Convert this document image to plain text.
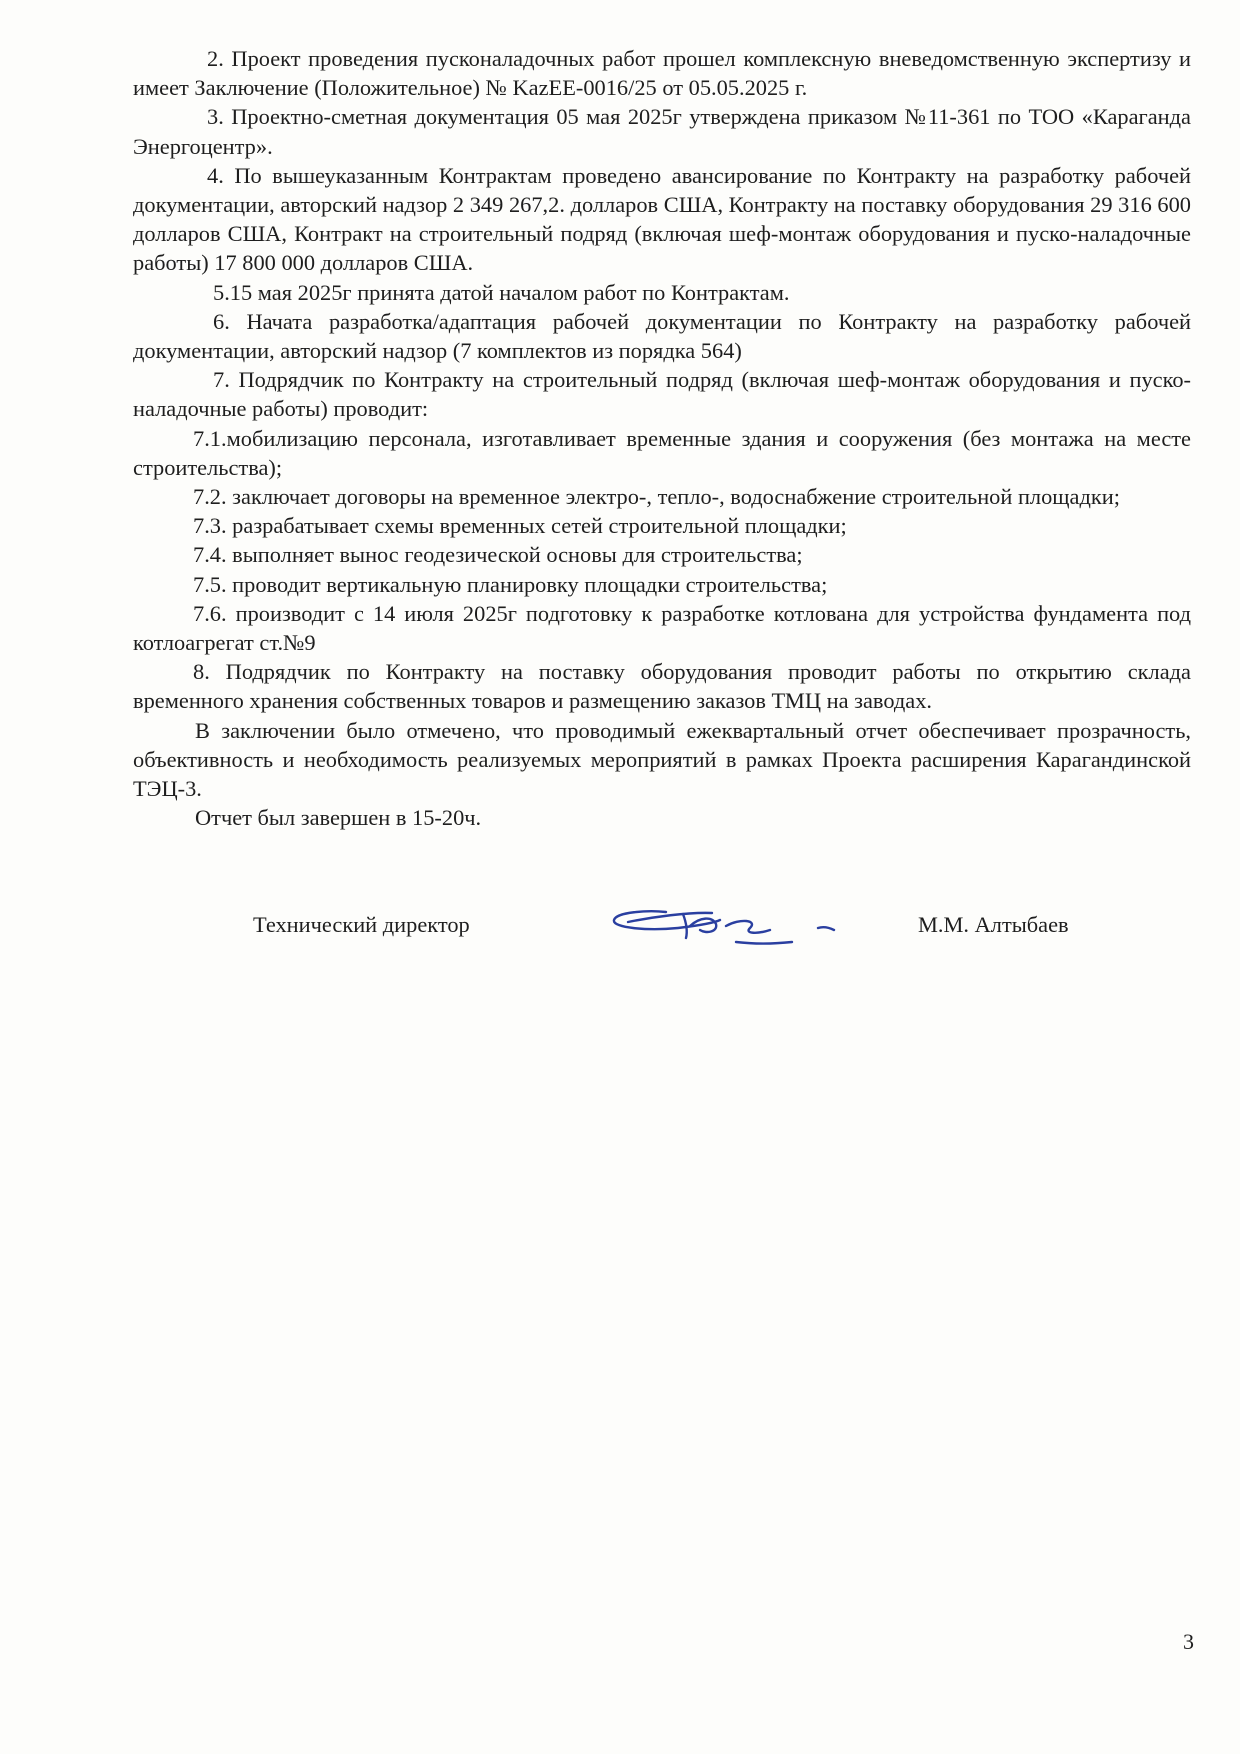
2. Проект проведения пусконаладочных работ прошел комплексную вневедомственную экспертизу и имеет Заключение (Положительное) № KazEE-0016/25 от 05.05.2025 г.

3. Проектно-сметная документация 05 мая 2025г утверждена приказом №11-361 по ТОО «Караганда Энергоцентр».

4. По вышеуказанным Контрактам проведено авансирование по Контракту на разработку рабочей документации, авторский надзор 2 349 267,2. долларов США, Контракту на поставку оборудования 29 316 600 долларов США, Контракт на строительный подряд (включая шеф-монтаж оборудования и пуско-наладочные работы) 17 800 000 долларов США.

5.15 мая 2025г принята датой началом работ по Контрактам.

6. Начата разработка/адаптация рабочей документации по Контракту на разработку рабочей документации, авторский надзор (7 комплектов из порядка 564)

7. Подрядчик по Контракту на строительный подряд (включая шеф-монтаж оборудования и пуско-наладочные работы) проводит:

7.1.мобилизацию персонала, изготавливает временные здания и сооружения (без монтажа на месте строительства);

7.2. заключает договоры на временное электро-, тепло-, водоснабжение строительной площадки;

7.3. разрабатывает схемы временных сетей строительной площадки;

7.4. выполняет вынос геодезической основы для строительства;

7.5. проводит вертикальную планировку площадки строительства;

7.6. производит с 14 июля 2025г подготовку к разработке котлована для устройства фундамента под котлоагрегат ст.№9

8. Подрядчик по Контракту на поставку оборудования проводит работы по открытию склада временного хранения собственных товаров и размещению заказов ТМЦ на заводах.

В заключении было отмечено, что проводимый ежеквартальный отчет обеспечивает прозрачность, объективность и необходимость реализуемых мероприятий в рамках Проекта расширения Карагандинской ТЭЦ-3.

Отчет был завершен в 15-20ч.

Технический директор	М.М. Алтыбаев
3
